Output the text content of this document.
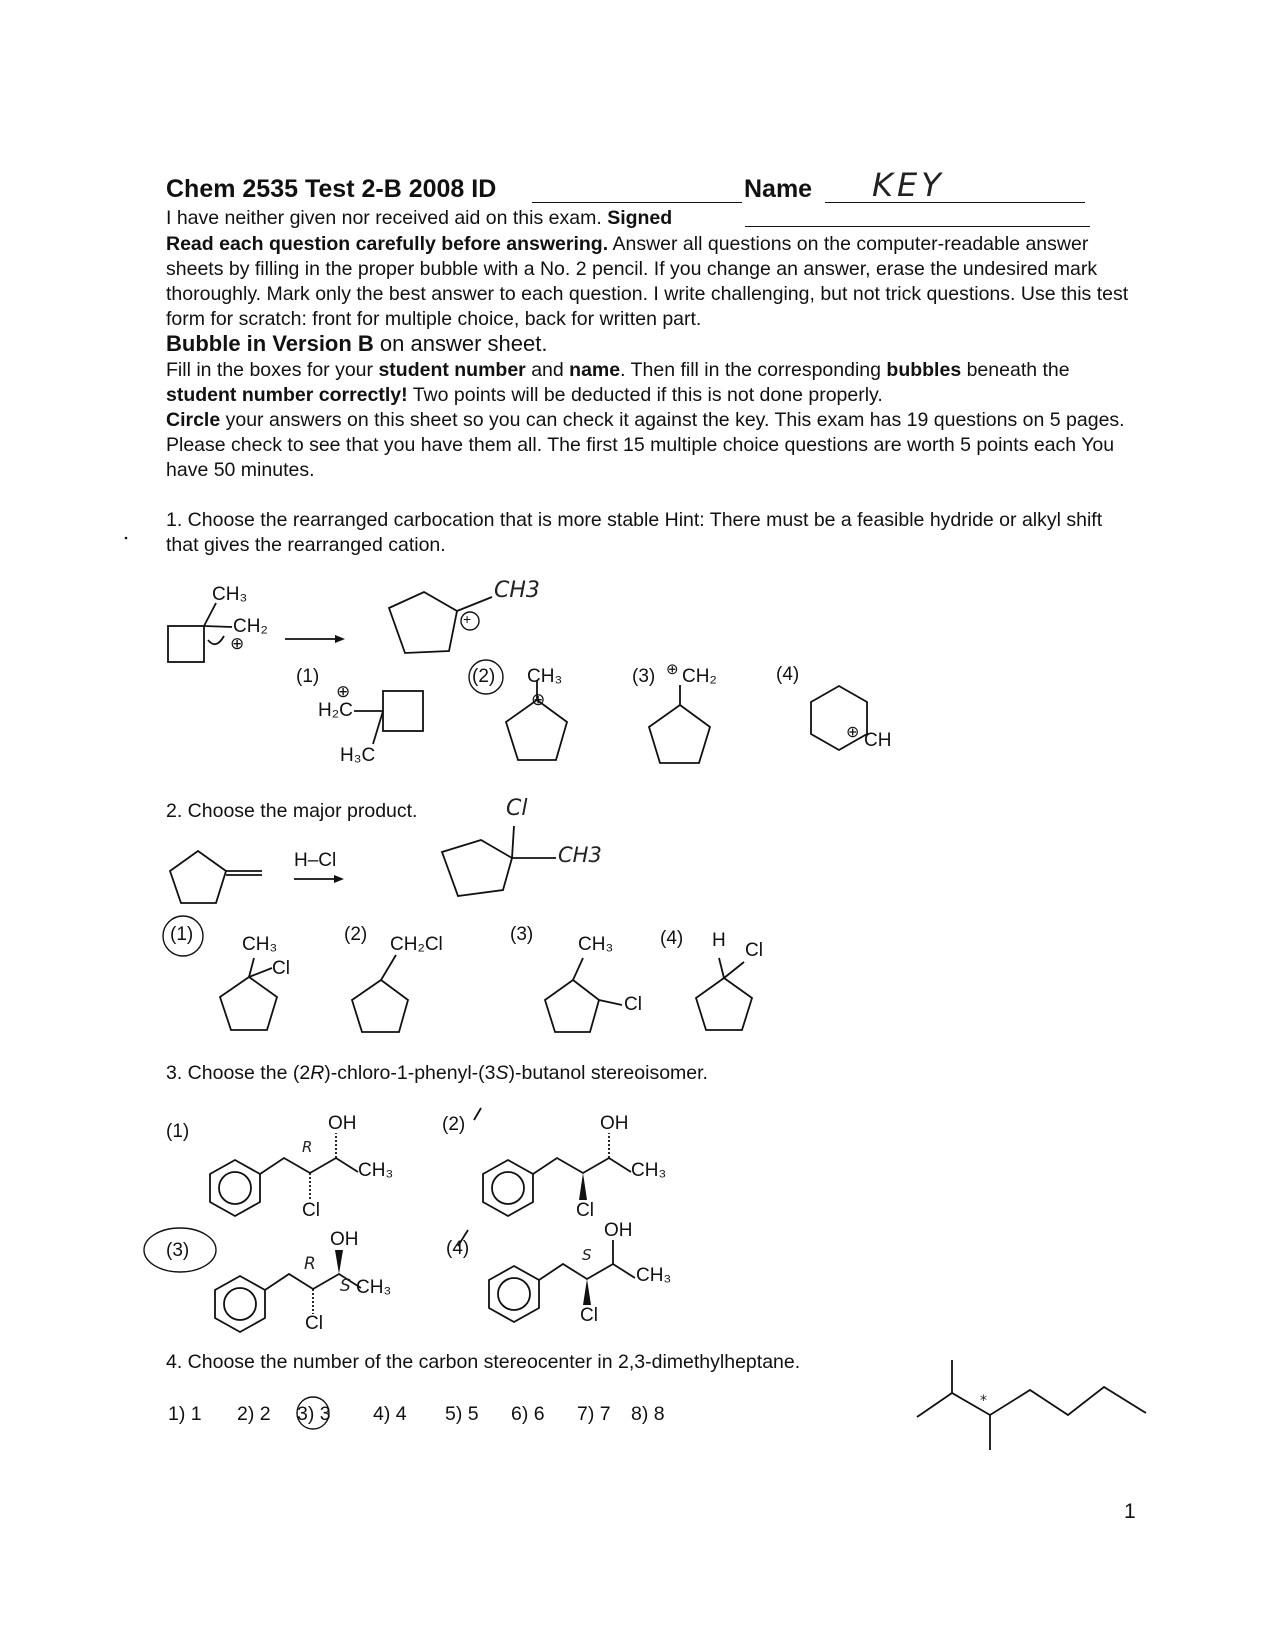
Chem 2535 Test 2-B 2008 ID	Name KEY
I have neither given nor received aid on this exam. Signed

Read each question carefully before answering. Answer all questions on the computer-readable answer sheets by filling in the proper bubble with a No. 2 pencil. If you change an answer, erase the undesired mark thoroughly. Mark only the best answer to each question. I write challenging, but not trick questions. Use this test form for scratch: front for multiple choice, back for written part.

Bubble in Version B on answer sheet.

Fill in the boxes for your student number and name. Then fill in the corresponding bubbles beneath the student number correctly! Two points will be deducted if this is not done properly.

Circle your answers on this sheet so you can check it against the key. This exam has 19 questions on 5 pages. Please check to see that you have them all. The first 15 multiple choice questions are worth 5 points each You have 50 minutes.

1. Choose the rearranged carbocation that is more stable Hint: There must be a feasible hydride or alkyl shift that gives the rearranged cation.

CH₃
CH₂
⊕
CH3
+
(1)
⊕
H₂C
H₃C
(2) CH₃
⊕
(3) ⊕ CH₂	(4)
⊕ CH
2. Choose the major product.
H–Cl
Cl
CH3
(1)	CH₃
Cl
(2) CH₂Cl	(3) CH₃
Cl
(4) H Cl
3. Choose the (2R)-chloro-1-phenyl-(3S)-butanol stereoisomer.
(1)	OH
CH₃
Cl
R
(2)	OH
CH₃
Cl
(3)
OH
CH₃
Cl
R
S
(4)
OH
CH₃
Cl
S
4. Choose the number of the carbon stereocenter in 2,3-dimethylheptane.
1) 1 2) 2 3) 3 4) 4 5) 5 6) 6 7) 7 8) 8
*
1
